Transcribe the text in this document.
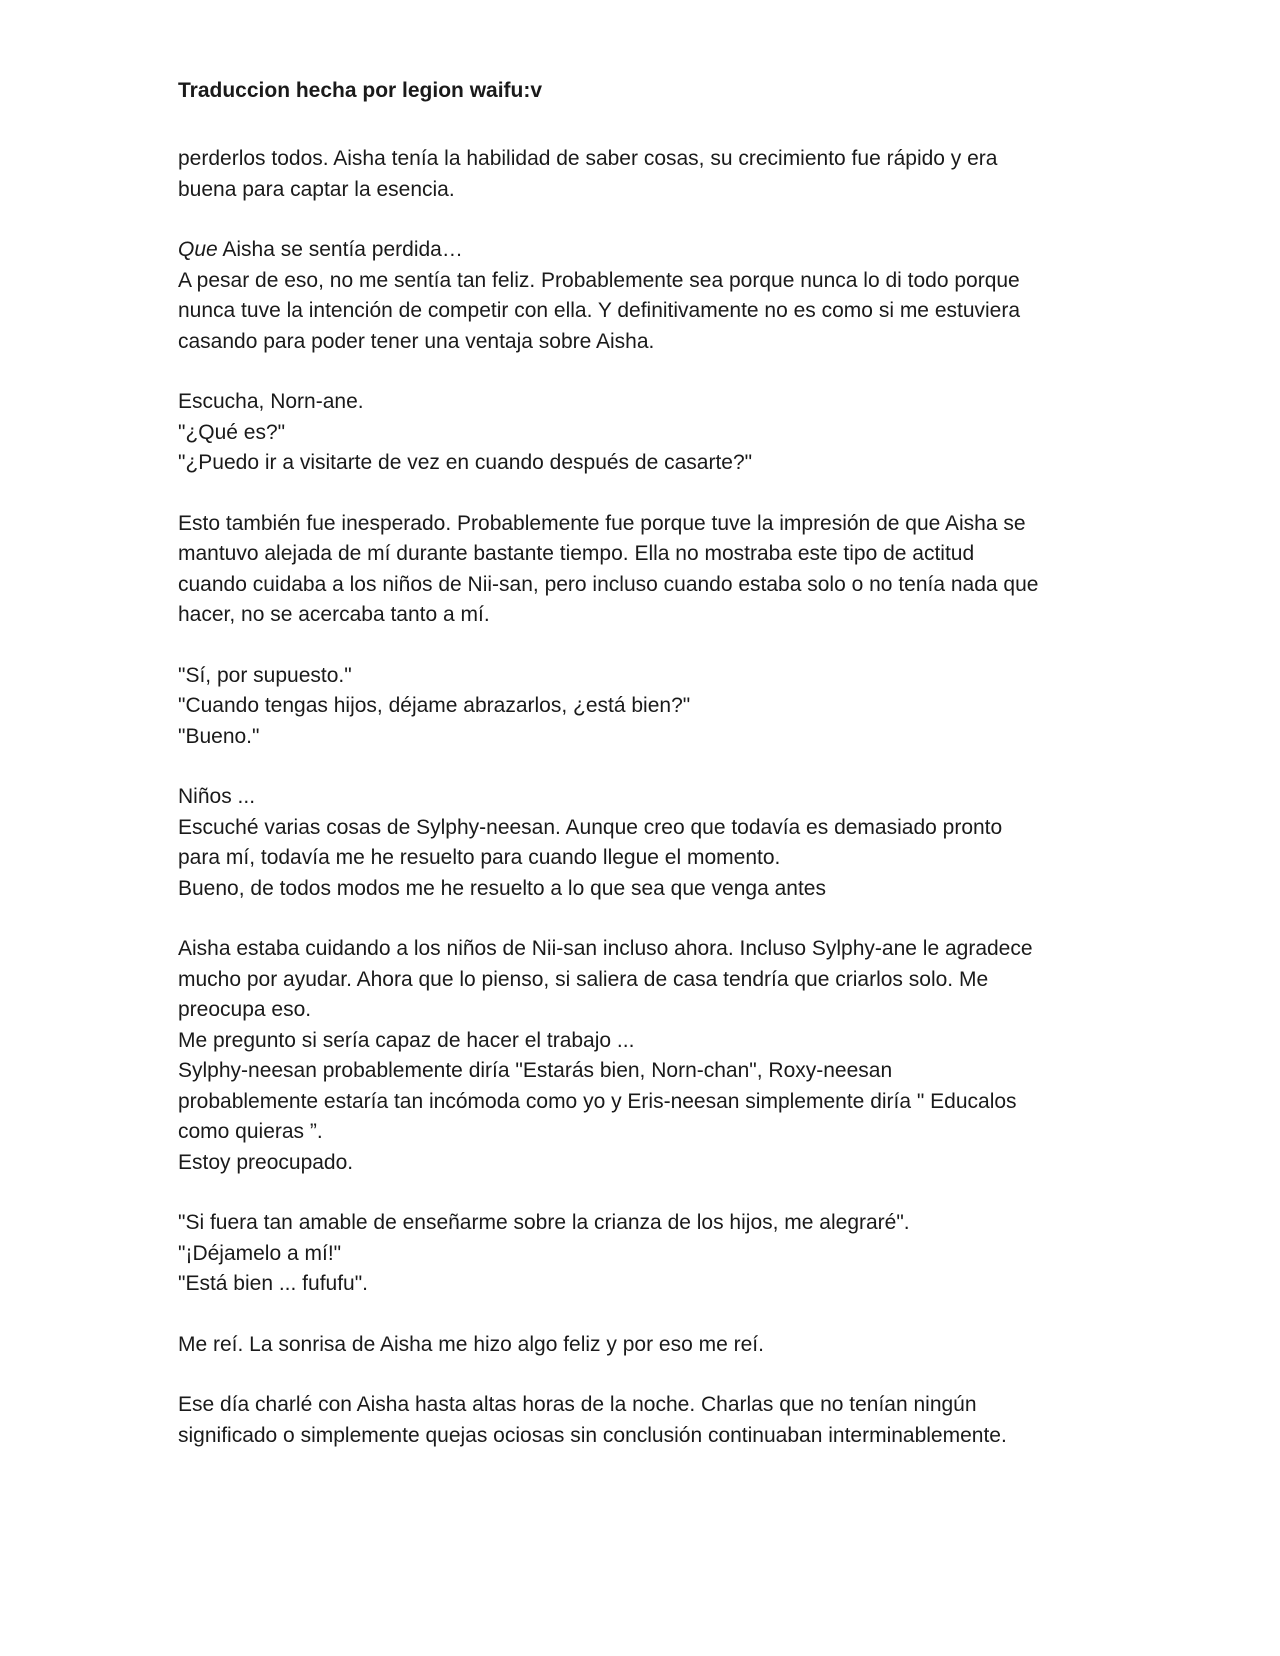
Traduccion hecha por legion waifu:v

perderlos todos. Aisha tenía la habilidad de saber cosas, su crecimiento fue rápido y era
buena para captar la esencia.

Que Aisha se sentía perdida…
A pesar de eso, no me sentía tan feliz. Probablemente sea porque nunca lo di todo porque
nunca tuve la intención de competir con ella. Y definitivamente no es como si me estuviera
casando para poder tener una ventaja sobre Aisha.

Escucha, Norn-ane.
"¿Qué es?"
"¿Puedo ir a visitarte de vez en cuando después de casarte?"

Esto también fue inesperado. Probablemente fue porque tuve la impresión de que Aisha se
mantuvo alejada de mí durante bastante tiempo. Ella no mostraba este tipo de actitud
cuando cuidaba a los niños de Nii-san, pero incluso cuando estaba solo o no tenía nada que
hacer, no se acercaba tanto a mí.

"Sí, por supuesto."
"Cuando tengas hijos, déjame abrazarlos, ¿está bien?"
"Bueno."

Niños ...
Escuché varias cosas de Sylphy-neesan. Aunque creo que todavía es demasiado pronto
para mí, todavía me he resuelto para cuando llegue el momento.
Bueno, de todos modos me he resuelto a lo que sea que venga antes

Aisha estaba cuidando a los niños de Nii-san incluso ahora. Incluso Sylphy-ane le agradece
mucho por ayudar. Ahora que lo pienso, si saliera de casa tendría que criarlos solo. Me
preocupa eso.
Me pregunto si sería capaz de hacer el trabajo ...
Sylphy-neesan probablemente diría "Estarás bien, Norn-chan", Roxy-neesan
probablemente estaría tan incómoda como yo y Eris-neesan simplemente diría " Educalos
como quieras ”.
Estoy preocupado.

"Si fuera tan amable de enseñarme sobre la crianza de los hijos, me alegraré".
"¡Déjamelo a mí!"
"Está bien ... fufufu".

Me reí. La sonrisa de Aisha me hizo algo feliz y por eso me reí.

Ese día charlé con Aisha hasta altas horas de la noche. Charlas que no tenían ningún
significado o simplemente quejas ociosas sin conclusión continuaban interminablemente.
